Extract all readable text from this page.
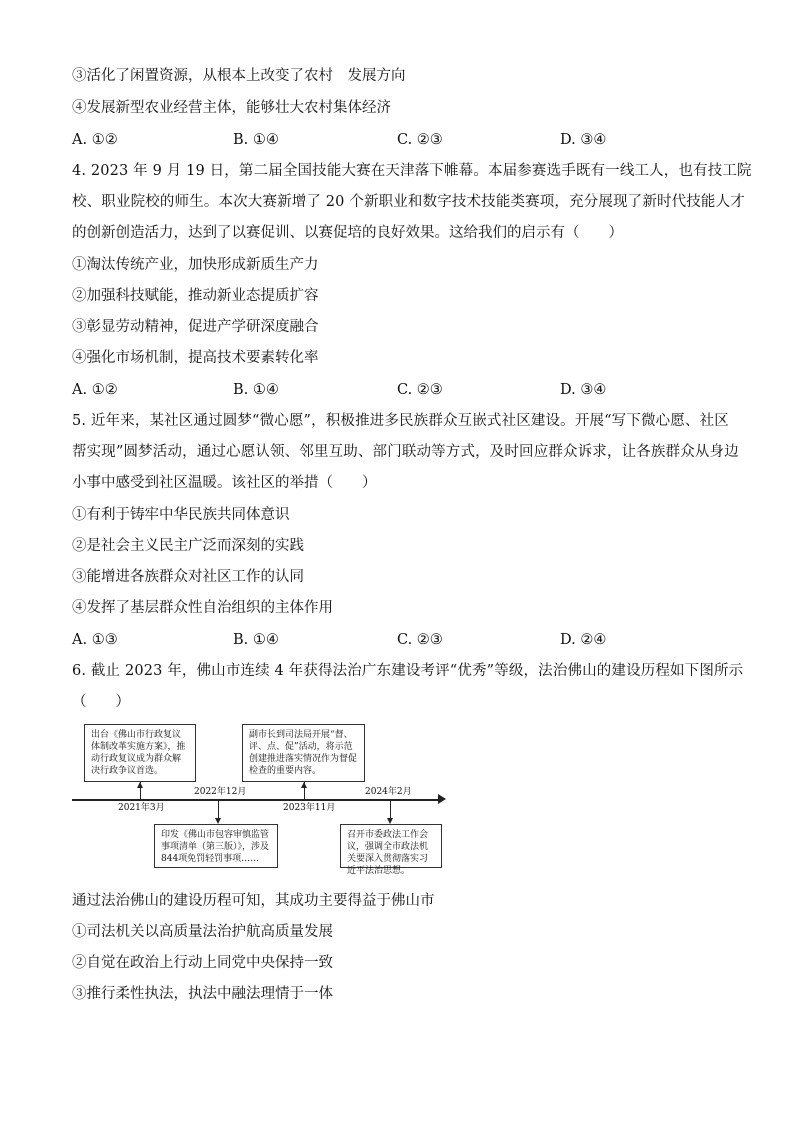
③活化了闲置资源，从根本上改变了农村　发展方向
④发展新型农业经营主体，能够壮大农村集体经济
A. ①②	B. ①④	C. ②③	D. ③④
4. 2023 年 9 月 19 日，第二届全国技能大赛在天津落下帷幕。本届参赛选手既有一线工人，也有技工院
校、职业院校的师生。本次大赛新增了 20 个新职业和数字技术技能类赛项，充分展现了新时代技能人才
的创新创造活力，达到了以赛促训、以赛促培的良好效果。这给我们的启示有（　　）
①淘汰传统产业，加快形成新质生产力
②加强科技赋能，推动新业态提质扩容
③彰显劳动精神，促进产学研深度融合
④强化市场机制，提高技术要素转化率
A. ①②	B. ①④	C. ②③	D. ③④
5. 近年来，某社区通过圆梦“微心愿”，积极推进多民族群众互嵌式社区建设。开展“写下微心愿、社区
帮实现”圆梦活动，通过心愿认领、邻里互助、部门联动等方式，及时回应群众诉求，让各族群众从身边
小事中感受到社区温暖。该社区的举措（　　）
①有利于铸牢中华民族共同体意识
②是社会主义民主广泛而深刻的实践
③能增进各族群众对社区工作的认同
④发挥了基层群众性自治组织的主体作用
A. ①③	B. ①④	C. ②③	D. ②④
6. 截止 2023 年，佛山市连续 4 年获得法治广东建设考评“优秀”等级，法治佛山的建设历程如下图所示
（　　）
出台《佛山市行政复议体制改革实施方案》，推动行政复议成为群众解决行政争议首选。
2021年3月
2022年12月
印发《佛山市包容审慎监管事项清单（第三版）》，涉及844项免罚轻罚事项……
副市长到司法局开展“督、评、点、促”活动，将示范创建推进落实情况作为督促检查的重要内容。
2023年11月
2024年2月
召开市委政法工作会议，强调全市政法机关要深入贯彻落实习近平法治思想。
通过法治佛山的建设历程可知，其成功主要得益于佛山市
①司法机关以高质量法治护航高质量发展
②自觉在政治上行动上同党中央保持一致
③推行柔性执法，执法中融法理情于一体
